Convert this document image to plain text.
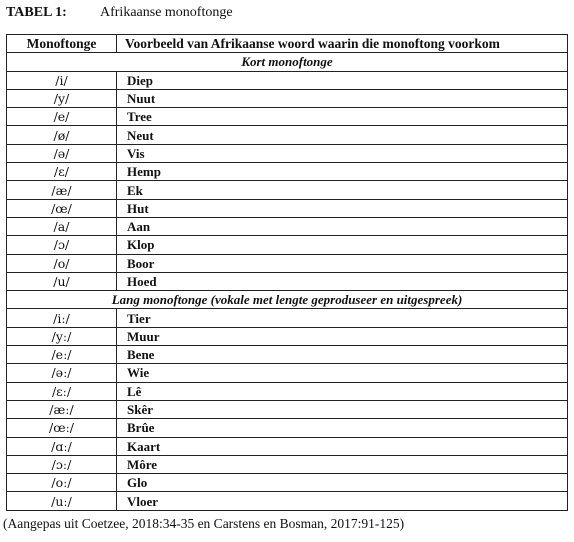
TABEL 1: Afrikaanse monoftonge
Monoftonge	Voorbeeld van Afrikaanse woord waarin die monoftong voorkom
Kort monoftonge	
/i/	Diep
/y/	Nuut
/e/	Tree
/ø/	Neut
/ə/	Vis
/ɛ/	Hemp
/æ/	Ek
/œ/	Hut
/a/	Aan
/ɔ/	Klop
/o/	Boor
/u/	Hoed
Lang monoftonge (vokale met lengte geproduseer en uitgespreek)	
/iː/	Tier
/yː/	Muur
/eː/	Bene
/əː/	Wie
/ɛː/	Lê
/æː/	Skêr
/œː/	Brûe
/ɑː/	Kaart
/ɔː/	Môre
/oː/	Glo
/uː/	Vloer
(Aangepas uit Coetzee, 2018:34-35 en Carstens en Bosman, 2017:91-125)
